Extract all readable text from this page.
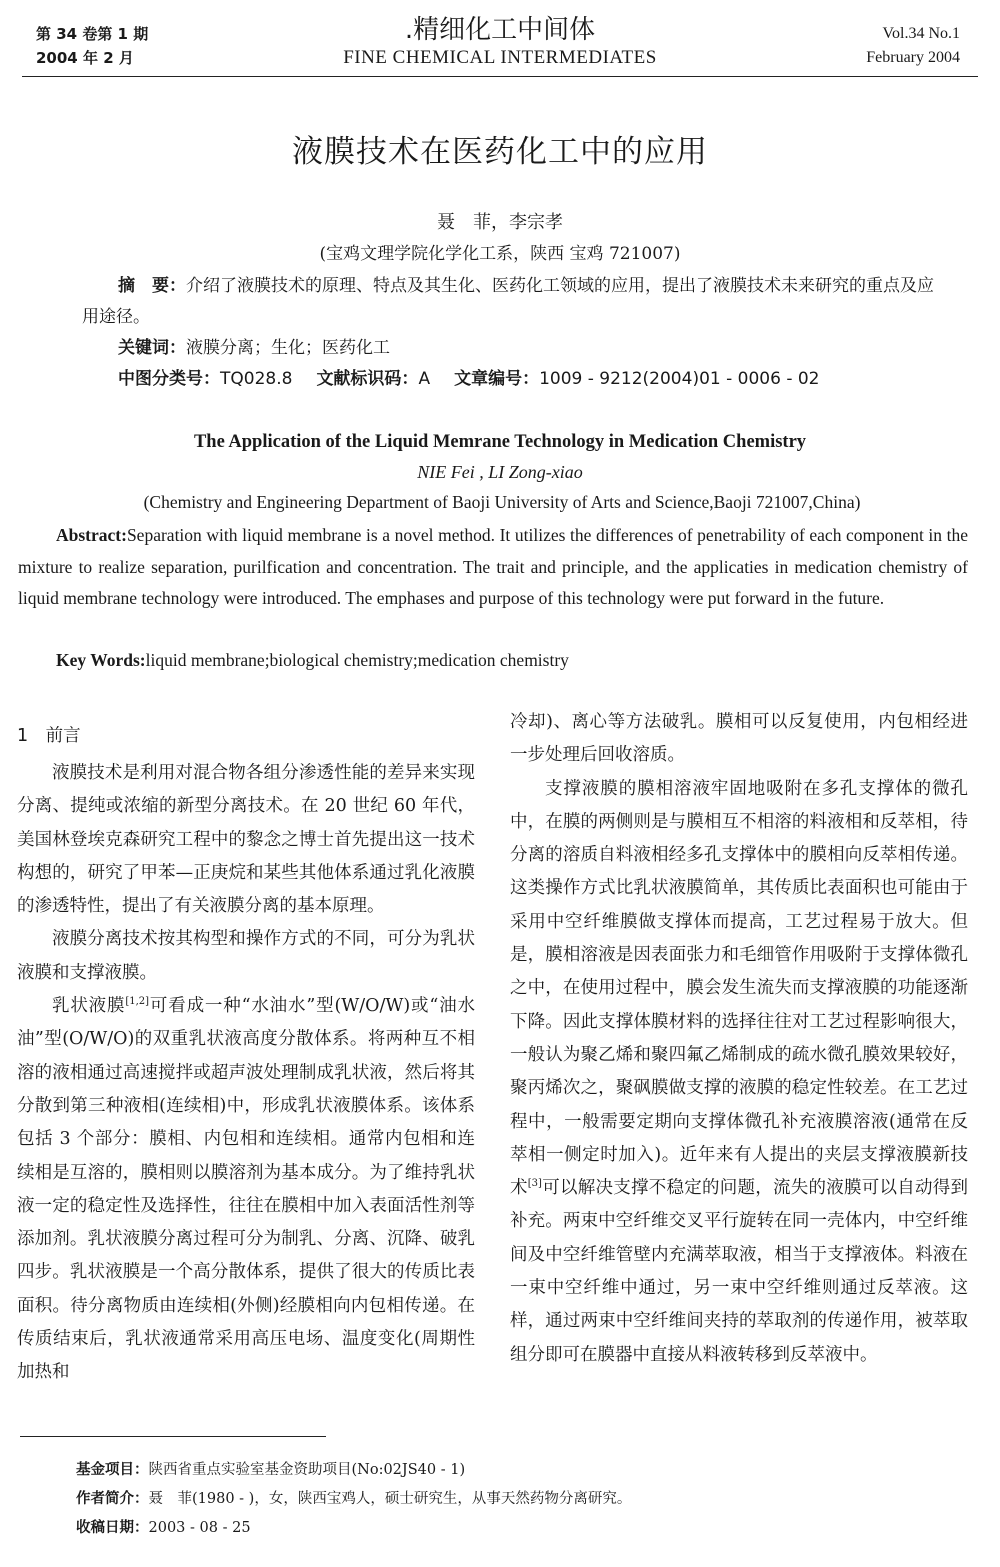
第 34 卷第 1 期
2004 年 2 月
.精细化工中间体
FINE CHEMICAL INTERMEDIATES
Vol.34 No.1
February 2004
液膜技术在医药化工中的应用
聂　菲，李宗孝
(宝鸡文理学院化学化工系，陕西 宝鸡 721007)
摘　要：介绍了液膜技术的原理、特点及其生化、医药化工领域的应用，提出了液膜技术未来研究的重点及应用途径。
关键词：液膜分离；生化；医药化工
中图分类号：TQ028.8 文献标识码：A 文章编号：1009 - 9212(2004)01 - 0006 - 02
The Application of the Liquid Memrane Technology in Medication Chemistry
NIE Fei , LI Zong-xiao
(Chemistry and Engineering Department of Baoji University of Arts and Science,Baoji 721007,China)
Abstract:Separation with liquid membrane is a novel method. It utilizes the differences of penetrability of each component in the mixture to realize separation, purilfication and concentration. The trait and principle, and the applicaties in medication chemistry of liquid membrane technology were introduced. The emphases and purpose of this technology were put forward in the future.
Key Words:liquid membrane;biological chemistry;medication chemistry
1　前言

液膜技术是利用对混合物各组分渗透性能的差异来实现分离、提纯或浓缩的新型分离技术。在 20 世纪 60 年代，美国林登埃克森研究工程中的黎念之博士首先提出这一技术构想的，研究了甲苯—正庚烷和某些其他体系通过乳化液膜的渗透特性，提出了有关液膜分离的基本原理。

液膜分离技术按其构型和操作方式的不同，可分为乳状液膜和支撑液膜。

乳状液膜[1,2]可看成一种“水油水”型(W/O/W)或“油水油”型(O/W/O)的双重乳状液高度分散体系。将两种互不相溶的液相通过高速搅拌或超声波处理制成乳状液，然后将其分散到第三种液相(连续相)中，形成乳状液膜体系。该体系包括 3 个部分：膜相、内包相和连续相。通常内包相和连续相是互溶的，膜相则以膜溶剂为基本成分。为了维持乳状液一定的稳定性及选择性，往往在膜相中加入表面活性剂等添加剂。乳状液膜分离过程可分为制乳、分离、沉降、破乳四步。乳状液膜是一个高分散体系，提供了很大的传质比表面积。待分离物质由连续相(外侧)经膜相向内包相传递。在传质结束后，乳状液通常采用高压电场、温度变化(周期性加热和

冷却)、离心等方法破乳。膜相可以反复使用，内包相经进一步处理后回收溶质。

支撑液膜的膜相溶液牢固地吸附在多孔支撑体的微孔中，在膜的两侧则是与膜相互不相溶的料液相和反萃相，待分离的溶质自料液相经多孔支撑体中的膜相向反萃相传递。这类操作方式比乳状液膜简单，其传质比表面积也可能由于采用中空纤维膜做支撑体而提高，工艺过程易于放大。但是，膜相溶液是因表面张力和毛细管作用吸附于支撑体微孔之中，在使用过程中，膜会发生流失而支撑液膜的功能逐渐下降。因此支撑体膜材料的选择往往对工艺过程影响很大，一般认为聚乙烯和聚四氟乙烯制成的疏水微孔膜效果较好，聚丙烯次之，聚砜膜做支撑的液膜的稳定性较差。在工艺过程中，一般需要定期向支撑体微孔补充液膜溶液(通常在反萃相一侧定时加入)。近年来有人提出的夹层支撑液膜新技术[3]可以解决支撑不稳定的问题，流失的液膜可以自动得到补充。两束中空纤维交叉平行旋转在同一壳体内，中空纤维间及中空纤维管壁内充满萃取液，相当于支撑液体。料液在一束中空纤维中通过，另一束中空纤维则通过反萃液。这样，通过两束中空纤维间夹持的萃取剂的传递作用，被萃取组分即可在膜器中直接从料液转移到反萃液中。

基金项目：陕西省重点实验室基金资助项目(No:02JS40 - 1)
作者简介：聂　菲(1980 - )，女，陕西宝鸡人，硕士研究生，从事天然药物分离研究。
收稿日期：2003 - 08 - 25
